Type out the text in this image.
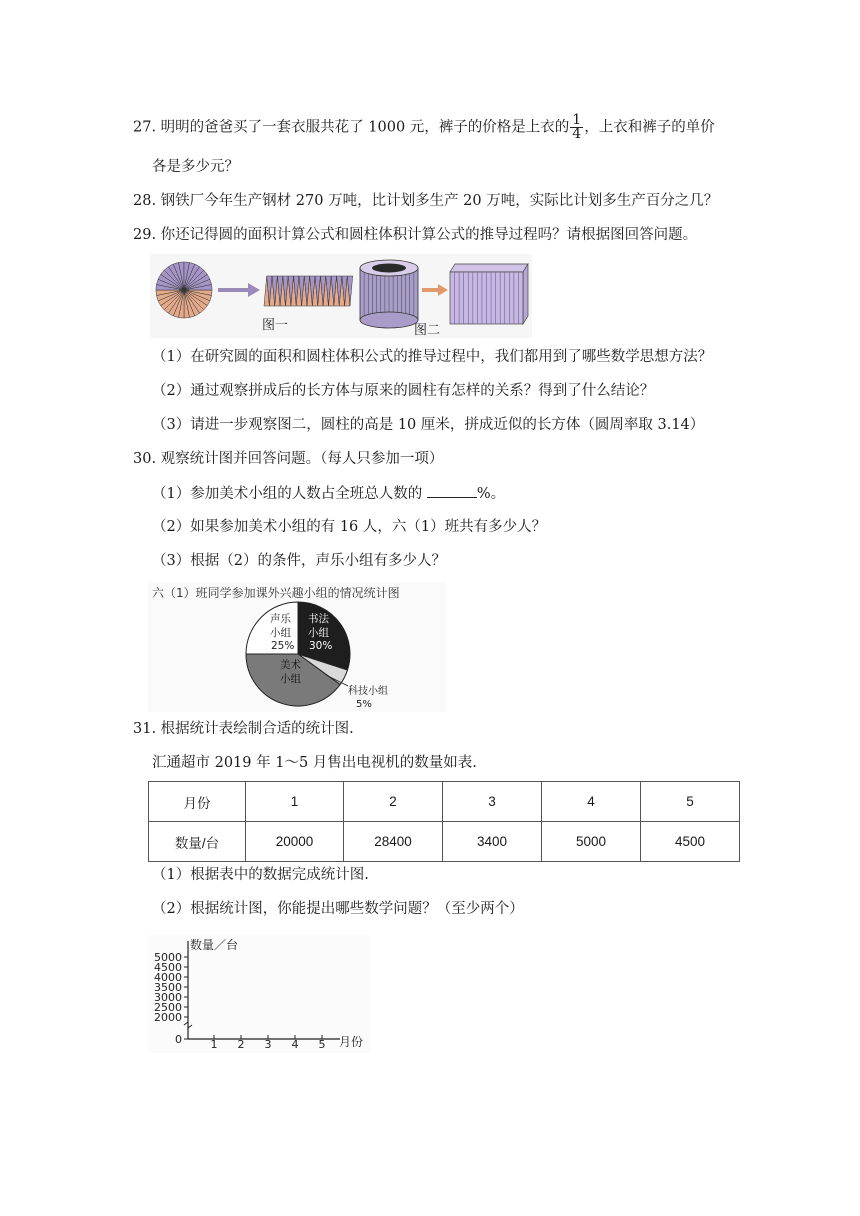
27. 明明的爸爸买了一套衣服共花了 1000 元，裤子的价格是上衣的 $\frac{1}{4}$ ，上衣和裤子的单价
各是多少元？
28. 钢铁厂今年生产钢材 270 万吨，比计划多生产 20 万吨，实际比计划多生产百分之几？
29. 你还记得圆的面积计算公式和圆柱体积计算公式的推导过程吗？请根据图回答问题。
图一	图二
（1）在研究圆的面积和圆柱体积公式的推导过程中，我们都用到了哪些数学思想方法？
（2）通过观察拼成后的长方体与原来的圆柱有怎样的关系？得到了什么结论？
（3）请进一步观察图二，圆柱的高是 10 厘米，拼成近似的长方体（圆周率取 3.14）
30. 观察统计图并回答问题。（每人只参加一项）
（1）参加美术小组的人数占全班总人数的	%。
（2）如果参加美术小组的有 16 人，六（1）班共有多少人？
（3）根据（2）的条件，声乐小组有多少人？
六（1）班同学参加课外兴趣小组的情况统计图
声乐
小组
25%
书法
小组
30%
美术
小组
科技小组
5%
31. 根据统计表绘制合适的统计图.
汇通超市 2019 年 1～5 月售出电视机的数量如表.
月份	1	2	3	4	5
数量/台	20000	28400	3400	5000	4500
（1）根据表中的数据完成统计图.
（2）根据统计图，你能提出哪些数学问题？（至少两个）
数量／台
5000
4500
4000
3500
3000
2500
2000
0	1 2 3 4 5 月份
